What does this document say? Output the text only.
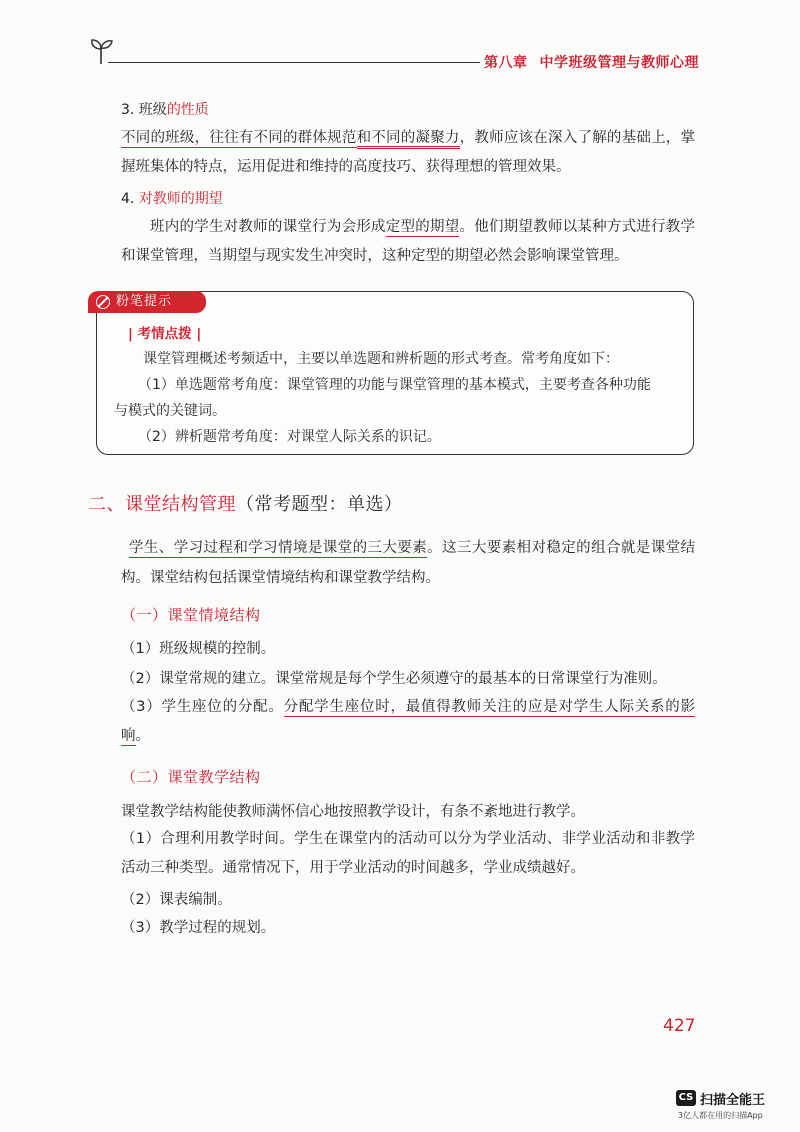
第八章 中学班级管理与教师心理
3. 班级的性质
不同的班级，往往有不同的群体规范和不同的凝聚力，教师应该在深入了解的基础上，掌握班集体的特点，运用促进和维持的高度技巧、获得理想的管理效果。
4. 对教师的期望
班内的学生对教师的课堂行为会形成定型的期望。他们期望教师以某种方式进行教学和课堂管理，当期望与现实发生冲突时，这种定型的期望必然会影响课堂管理。
粉笔提示
| 考情点拨 |
课堂管理概述考频适中，主要以单选题和辨析题的形式考查。常考角度如下：
（1）单选题常考角度：课堂管理的功能与课堂管理的基本模式，主要考查各种功能
与模式的关键词。
（2）辨析题常考角度：对课堂人际关系的识记。
二、课堂结构管理（常考题型：单选）
学生、学习过程和学习情境是课堂的三大要素。这三大要素相对稳定的组合就是课堂结构。课堂结构包括课堂情境结构和课堂教学结构。
（一）课堂情境结构
（1）班级规模的控制。
（2）课堂常规的建立。课堂常规是每个学生必须遵守的最基本的日常课堂行为准则。
（3）学生座位的分配。分配学生座位时，最值得教师关注的应是对学生人际关系的影响。
（二）课堂教学结构
课堂教学结构能使教师满怀信心地按照教学设计，有条不紊地进行教学。
（1）合理利用教学时间。学生在课堂内的活动可以分为学业活动、非学业活动和非教学活动三种类型。通常情况下，用于学业活动的时间越多，学业成绩越好。
（2）课表编制。
（3）教学过程的规划。
427
CS 扫描全能王
3亿人都在用的扫描App
